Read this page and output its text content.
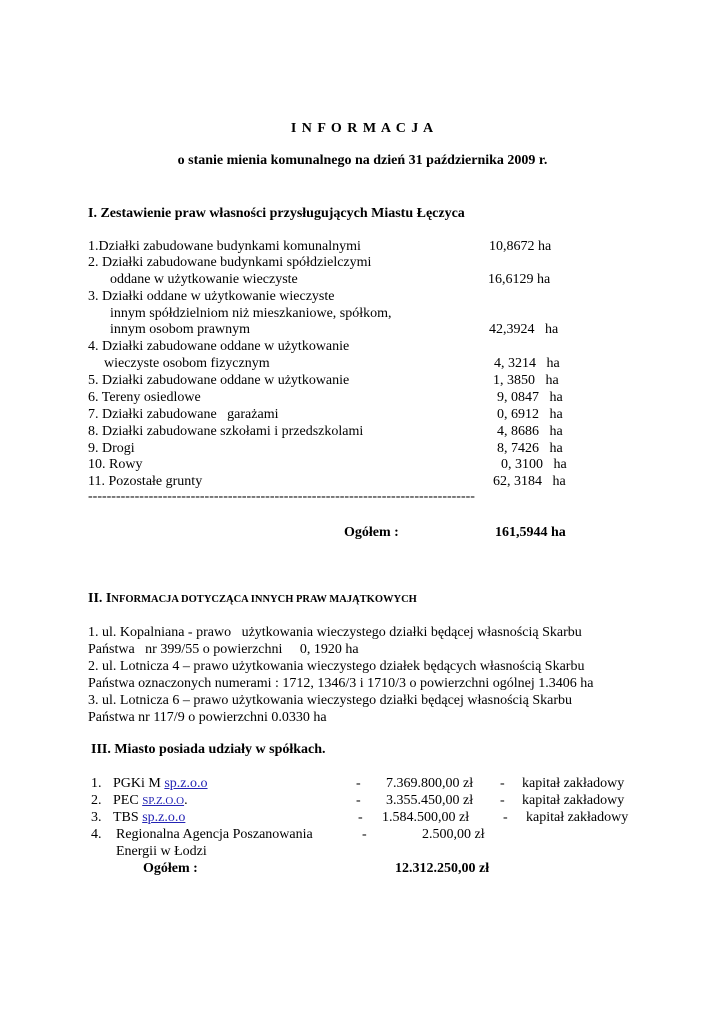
I N F O R M A C J A
o stanie mienia komunalnego na dzień 31 października 2009 r.
I. Zestawienie praw własności przysługujących Miastu Łęczyca
1.Działki zabudowane budynkami komunalnymi	10,8672 ha
2. Działki zabudowane budynkami spółdzielczymi
oddane w użytkowanie wieczyste	16,6129 ha
3. Działki oddane w użytkowanie wieczyste
innym spółdzielniom niż mieszkaniowe, spółkom,
innym osobom prawnym	42,3924   ha
4. Działki zabudowane oddane w użytkowanie
wieczyste osobom fizycznym	4, 3214   ha
5. Działki zabudowane oddane w użytkowanie	1, 3850   ha
6. Tereny osiedlowe	9, 0847   ha
7. Działki zabudowane   garażami	0, 6912   ha
8. Działki zabudowane szkołami i przedszkolami	4, 8686   ha
9. Drogi	8, 7426   ha
10. Rowy	0, 3100   ha
11. Pozostałe grunty	62, 3184   ha
-----------------------------------------------------------------------------------
Ogółem :	161,5944 ha
II. INFORMACJA DOTYCZĄCA INNYCH PRAW MAJĄTKOWYCH
1. ul. Kopalniana - prawo   użytkowania wieczystego działki będącej własnością Skarbu
Państwa   nr 399/55 o powierzchni     0, 1920 ha
2. ul. Lotnicza 4 – prawo użytkowania wieczystego działek będących własnością Skarbu
Państwa oznaczonych numerami : 1712, 1346/3 i 1710/3 o powierzchni ogólnej 1.3406 ha
3. ul. Lotnicza 6 – prawo użytkowania wieczystego działki będącej własnością Skarbu
Państwa nr 117/9 o powierzchni 0.0330 ha
III. Miasto posiada udziały w spółkach.
1. PGKi M sp.z.o.o	- 7.369.800,00 zł - kapitał zakładowy
2. PEC SP.Z.O.O.	- 3.355.450,00 zł - kapitał zakładowy
3. TBS sp.z.o.o	- 1.584.500,00 zł - kapitał zakładowy
4. Regionalna Agencja Poszanowania
Energii w Łodzi
-	2.500,00 zł
Ogółem :	12.312.250,00 zł
